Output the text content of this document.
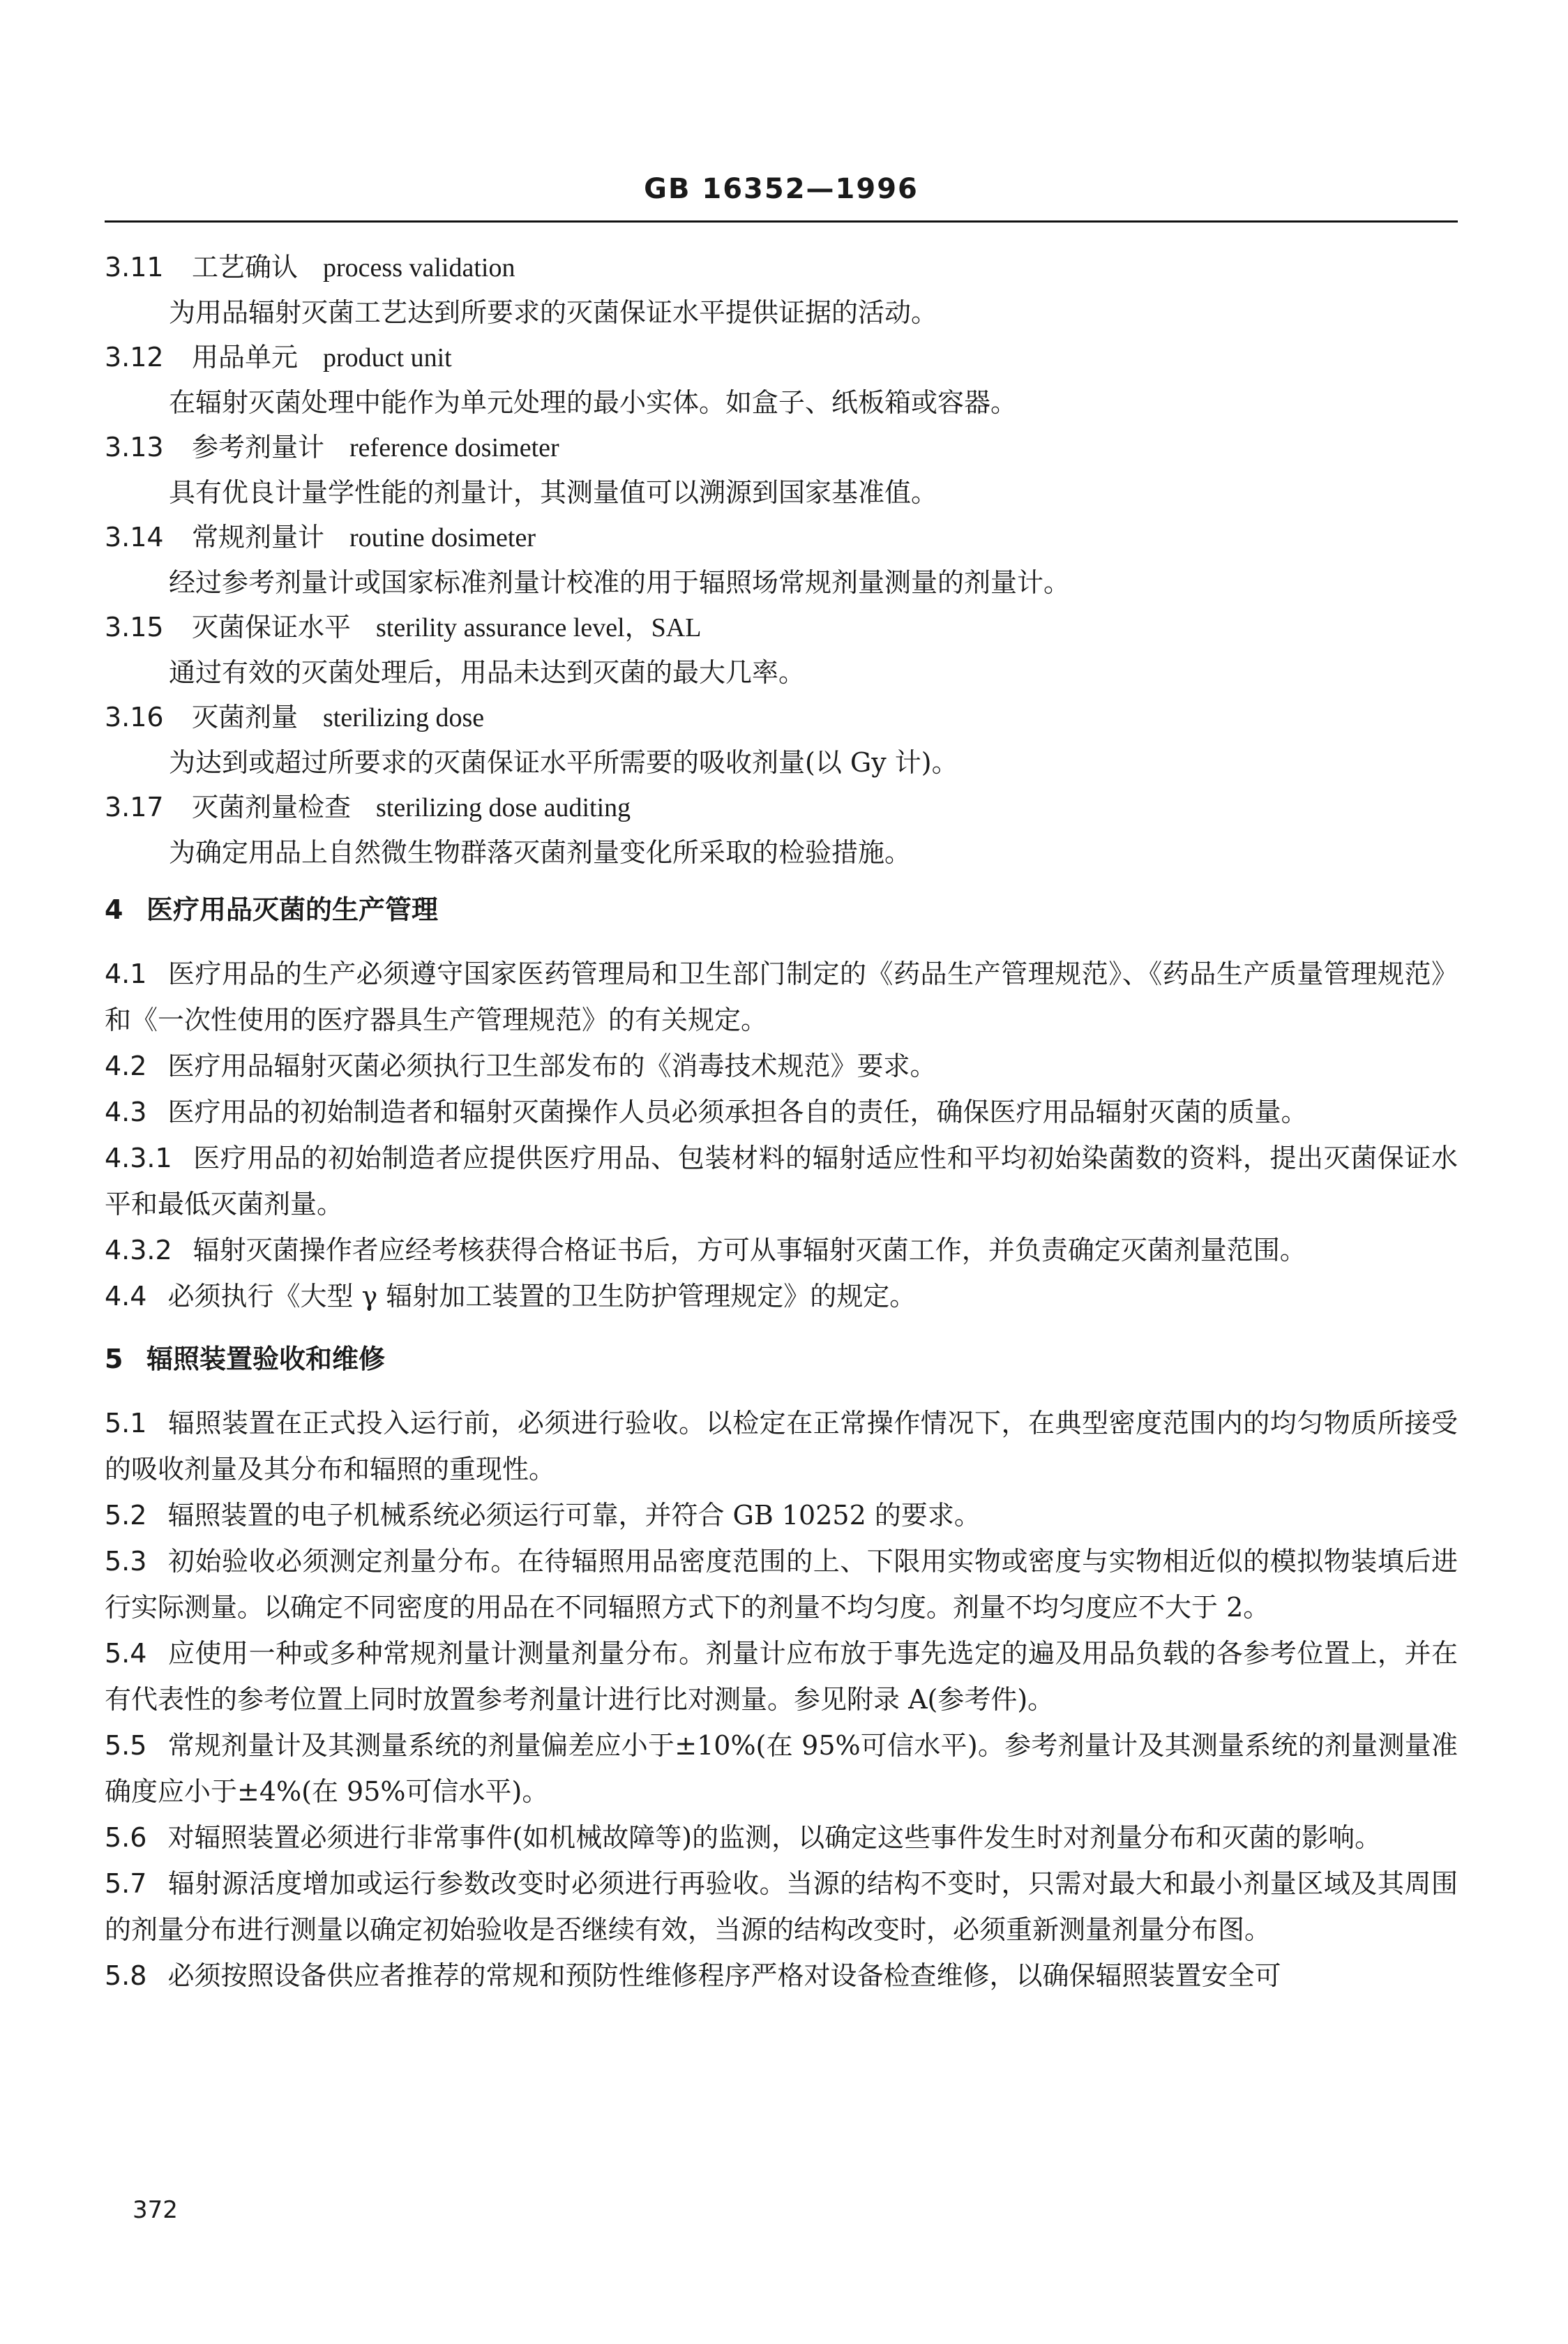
GB 16352—1996

3.11 工艺确认 process validation

为用品辐射灭菌工艺达到所要求的灭菌保证水平提供证据的活动。

3.12 用品单元 product unit

在辐射灭菌处理中能作为单元处理的最小实体。如盒子、纸板箱或容器。

3.13 参考剂量计 reference dosimeter

具有优良计量学性能的剂量计，其测量值可以溯源到国家基准值。

3.14 常规剂量计 routine dosimeter

经过参考剂量计或国家标准剂量计校准的用于辐照场常规剂量测量的剂量计。

3.15 灭菌保证水平 sterility assurance level，SAL

通过有效的灭菌处理后，用品未达到灭菌的最大几率。

3.16 灭菌剂量 sterilizing dose

为达到或超过所要求的灭菌保证水平所需要的吸收剂量(以 Gy 计)。

3.17 灭菌剂量检查 sterilizing dose auditing

为确定用品上自然微生物群落灭菌剂量变化所采取的检验措施。

4 医疗用品灭菌的生产管理

4.1 医疗用品的生产必须遵守国家医药管理局和卫生部门制定的《药品生产管理规范》、《药品生产质量管理规范》和《一次性使用的医疗器具生产管理规范》的有关规定。

4.2 医疗用品辐射灭菌必须执行卫生部发布的《消毒技术规范》要求。

4.3 医疗用品的初始制造者和辐射灭菌操作人员必须承担各自的责任，确保医疗用品辐射灭菌的质量。

4.3.1 医疗用品的初始制造者应提供医疗用品、包装材料的辐射适应性和平均初始染菌数的资料，提出灭菌保证水平和最低灭菌剂量。

4.3.2 辐射灭菌操作者应经考核获得合格证书后，方可从事辐射灭菌工作，并负责确定灭菌剂量范围。

4.4 必须执行《大型 γ 辐射加工装置的卫生防护管理规定》的规定。

5 辐照装置验收和维修

5.1 辐照装置在正式投入运行前，必须进行验收。以检定在正常操作情况下，在典型密度范围内的均匀物质所接受的吸收剂量及其分布和辐照的重现性。

5.2 辐照装置的电子机械系统必须运行可靠，并符合 GB 10252 的要求。

5.3 初始验收必须测定剂量分布。在待辐照用品密度范围的上、下限用实物或密度与实物相近似的模拟物装填后进行实际测量。以确定不同密度的用品在不同辐照方式下的剂量不均匀度。剂量不均匀度应不大于 2。

5.4 应使用一种或多种常规剂量计测量剂量分布。剂量计应布放于事先选定的遍及用品负载的各参考位置上，并在有代表性的参考位置上同时放置参考剂量计进行比对测量。参见附录 A(参考件)。

5.5 常规剂量计及其测量系统的剂量偏差应小于±10%(在 95%可信水平)。参考剂量计及其测量系统的剂量测量准确度应小于±4%(在 95%可信水平)。

5.6 对辐照装置必须进行非常事件(如机械故障等)的监测，以确定这些事件发生时对剂量分布和灭菌的影响。

5.7 辐射源活度增加或运行参数改变时必须进行再验收。当源的结构不变时，只需对最大和最小剂量区域及其周围的剂量分布进行测量以确定初始验收是否继续有效，当源的结构改变时，必须重新测量剂量分布图。

5.8 必须按照设备供应者推荐的常规和预防性维修程序严格对设备检查维修，以确保辐照装置安全可

372
